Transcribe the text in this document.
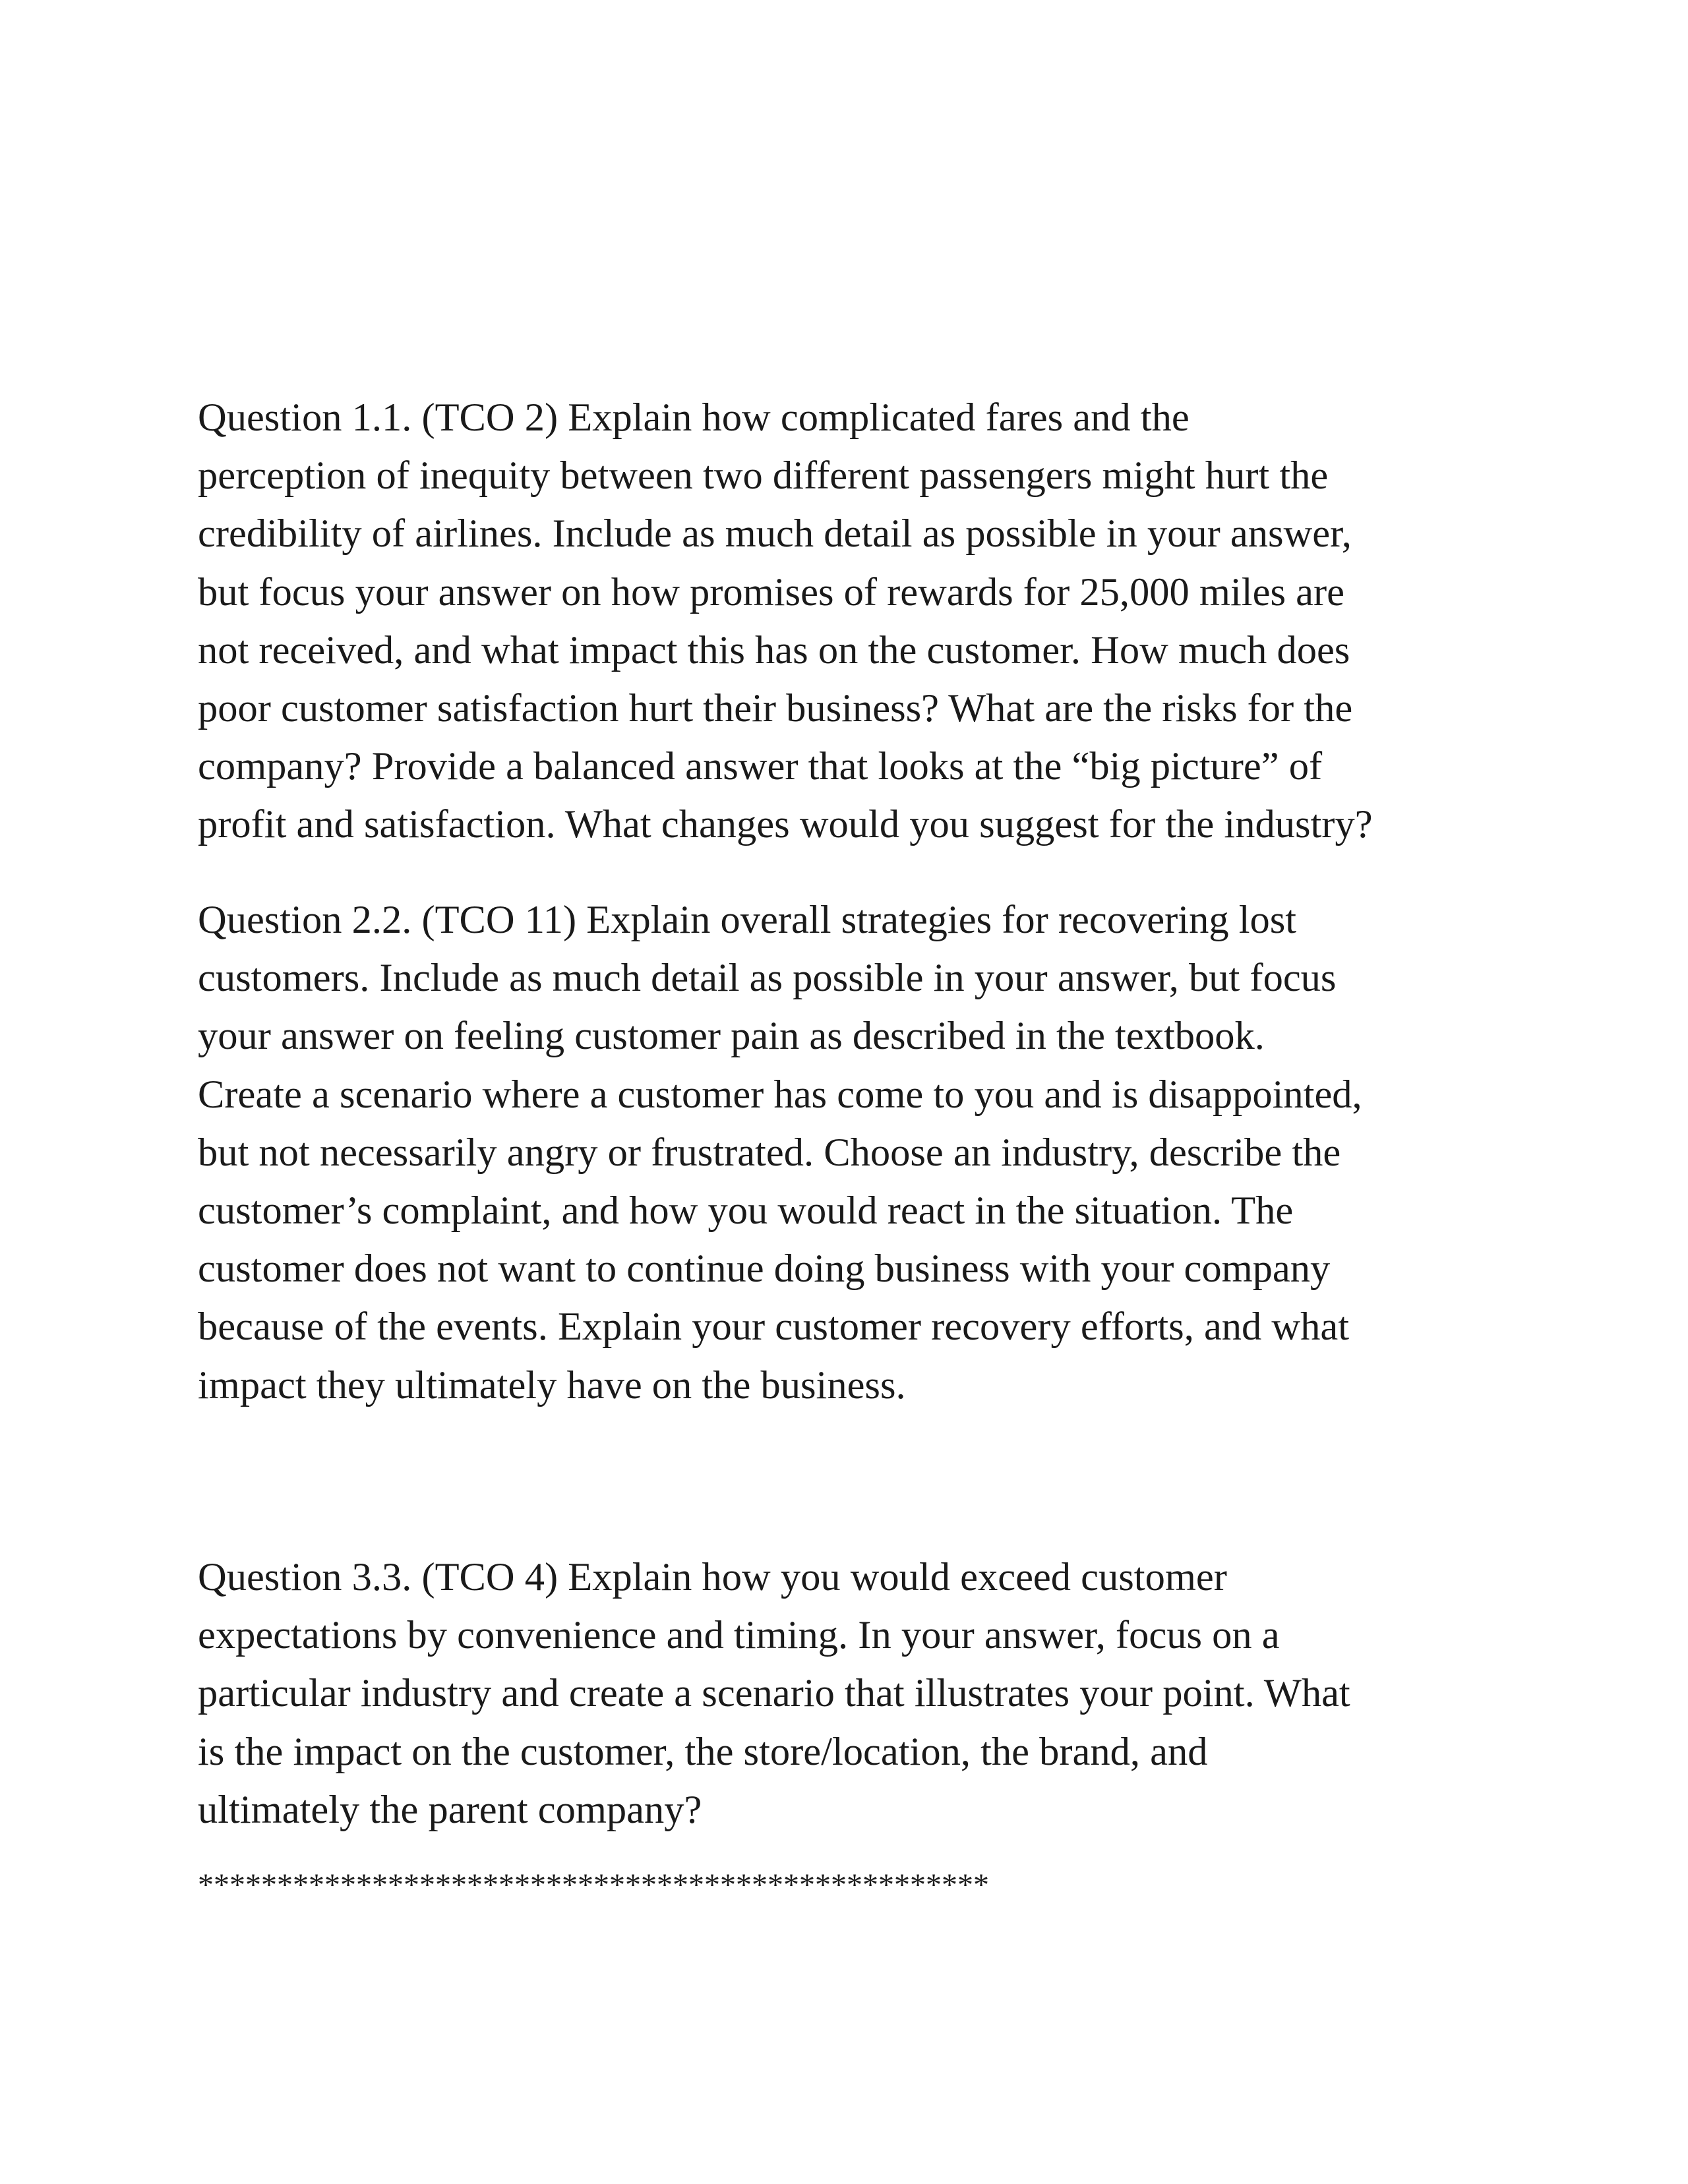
Question 1.1. (TCO 2) Explain how complicated fares and the
perception of inequity between two different passengers might hurt the
credibility of airlines. Include as much detail as possible in your answer,
but focus your answer on how promises of rewards for 25,000 miles are
not received, and what impact this has on the customer. How much does
poor customer satisfaction hurt their business? What are the risks for the
company? Provide a balanced answer that looks at the “big picture” of
profit and satisfaction. What changes would you suggest for the industry?

Question 2.2. (TCO 11) Explain overall strategies for recovering lost
customers. Include as much detail as possible in your answer, but focus
your answer on feeling customer pain as described in the textbook.
Create a scenario where a customer has come to you and is disappointed,
but not necessarily angry or frustrated. Choose an industry, describe the
customer’s complaint, and how you would react in the situation. The
customer does not want to continue doing business with your company
because of the events. Explain your customer recovery efforts, and what
impact they ultimately have on the business.

Question 3.3. (TCO 4) Explain how you would exceed customer
expectations by convenience and timing. In your answer, focus on a
particular industry and create a scenario that illustrates your point. What
is the impact on the customer, the store/location, the brand, and
ultimately the parent company?

**************************************************
